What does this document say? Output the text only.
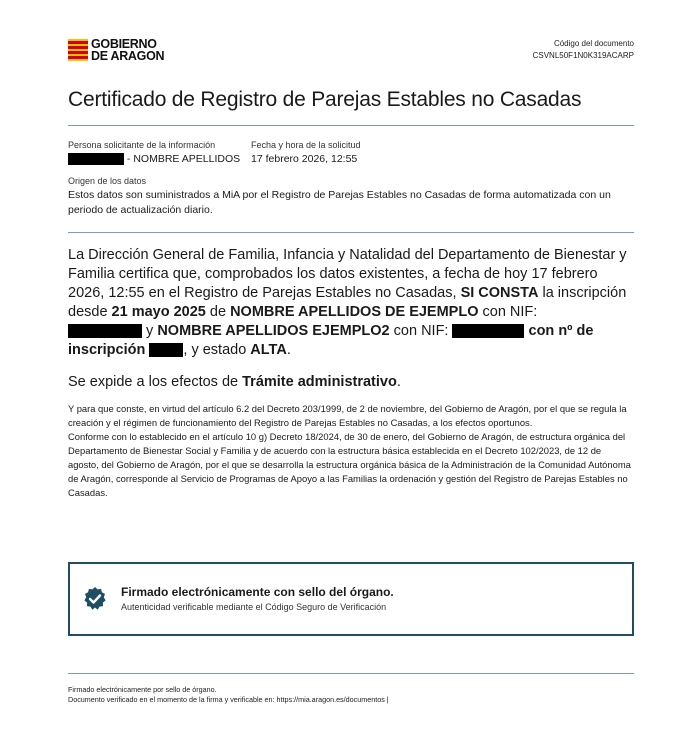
GOBIERNO
DE ARAGON
Código del documento
CSVNL50F1N0K319ACARP
Certificado de Registro de Parejas Estables no Casadas
Persona solicitante de la información
- NOMBRE APELLIDOS
Fecha y hora de la solicitud
17 febrero 2026, 12:55
Origen de los datos
Estos datos son suministrados a MiA por el Registro de Parejas Estables no Casadas de forma automatizada con un periodo de actualización diario.
La Dirección General de Familia, Infancia y Natalidad del Departamento de Bienestar y Familia certifica que, comprobados los datos existentes, a fecha de hoy 17 febrero 2026, 12:55 en el Registro de Parejas Estables no Casadas, SI CONSTA la inscripción desde 21 mayo 2025 de NOMBRE APELLIDOS DE EJEMPLO con NIF:
y NOMBRE APELLIDOS EJEMPLO2 con NIF:	con nº de inscripción	, y estado ALTA.
Se expide a los efectos de Trámite administrativo.
Y para que conste, en virtud del artículo 6.2 del Decreto 203/1999, de 2 de noviembre, del Gobierno de Aragón, por el que se regula la creación y el régimen de funcionamiento del Registro de Parejas Estables no Casadas, a los efectos oportunos.
Conforme con lo establecido en el artículo 10 g) Decreto 18/2024, de 30 de enero, del Gobierno de Aragón, de estructura orgánica del Departamento de Bienestar Social y Familia y de acuerdo con la estructura básica establecida en el Decreto 102/2023, de 12 de agosto, del Gobierno de Aragón, por el que se desarrolla la estructura orgánica básica de la Administración de la Comunidad Autónoma de Aragón, corresponde al Servicio de Programas de Apoyo a las Familias la ordenación y gestión del Registro de Parejas Estables no Casadas.
Firmado electrónicamente con sello del órgano.
Autenticidad verificable mediante el Código Seguro de Verificación
Firmado electrónicamente por sello de órgano.
Documento verificado en el momento de la firma y verificable en: https://mia.aragon.es/documentos |
